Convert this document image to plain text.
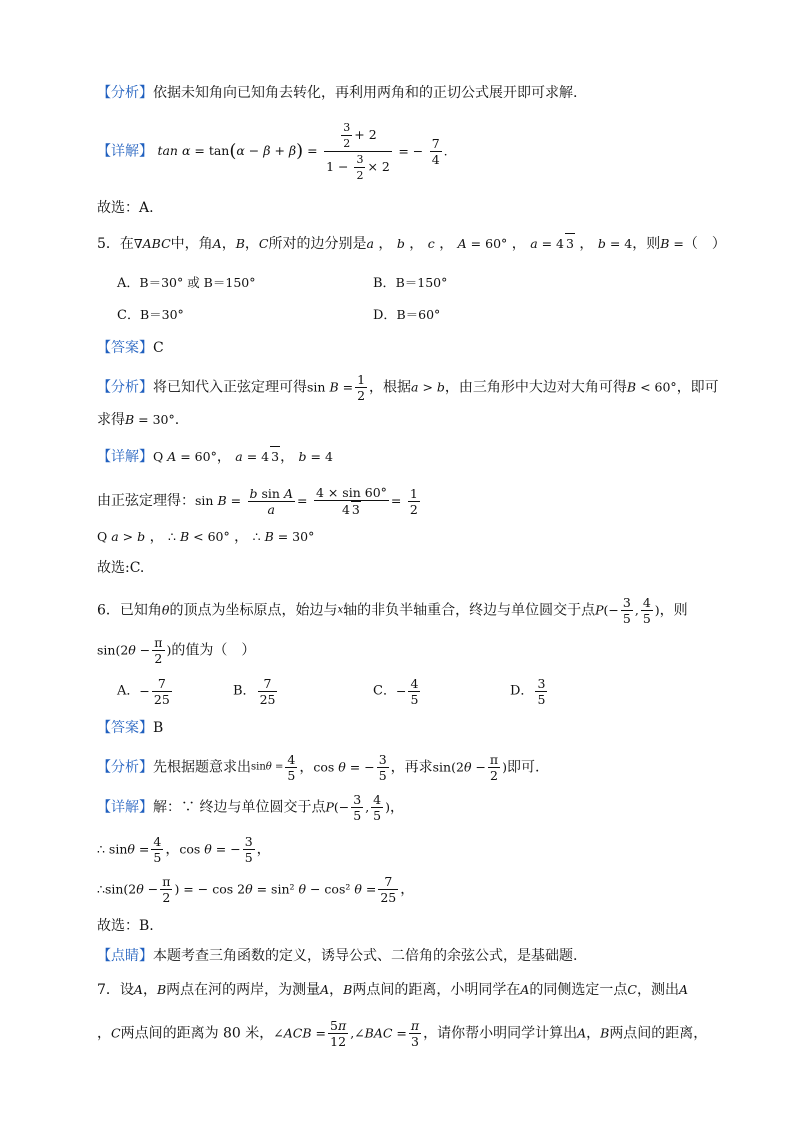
【分析】依据未知角向已知角去转化，再利用两角和的正切公式展开即可求解.
【详解】 $\tan \alpha = \tan(\alpha - \beta + \beta) = \frac{\frac{3}{2} + 2}{1 - \frac{3}{2} \times 2}$ = − $\frac{7}{4}$ .
故选：A.
5．在∇ABC中，角A，B，C所对的边分别是a ， b ， c ， A = 60° ， a = 4 3 ， b = 4，则B =（　）
A．B＝30° 或 B＝150°	B．B＝150°
C．B＝30°	D．B＝60°
【答案】C
【分析】将已知代入正弦定理可得$\sin B = \frac{1}{2}$ ，根据a > b，由三角形中大边对大角可得B < 60°，即可
求得B = 30°.
【详解】Q A = 60°， a = 4 3， b = 4
由正弦定理得：$\sin B = \frac{\text{b sin A}}{a} = \frac{4 \times \sin 60^\circ}{4 3} = \frac{1}{2}$
Q a > b ， ∴ B < 60° ， ∴ B = 30°
故选:C.
6．已知角θ的顶点为坐标原点，始边与x轴的非负半轴重合，终边与单位圆交于点$P(- \frac{3}{5}$ , $\frac{4}{5}$ )，则
$\sin(2\theta - \frac{\pi}{2}$ )的值为（　）
A．− $\frac{7}{25}$	B． $\frac{7}{25}$	C．− $\frac{4}{5}$	D． $\frac{3}{5}$
【答案】B
【分析】先根据题意求出$\sin\theta = \frac{4}{5}$ ，cos θ = − $\frac{3}{5}$ ，再求$\sin(2\theta - \frac{\pi}{2}$ )即可.
【详解】解：∵ 终边与单位圆交于点$P(- \frac{3}{5}$ , $\frac{4}{5}$ )，
∴ $\sin\theta = \frac{4}{5}$ ，cos θ = − $\frac{3}{5}$ ，
∴sin(2θ − $\frac{\pi}{2}$ ) = − cos 2θ = sin² θ − cos² $\theta = \frac{7}{25}$ ，
故选：B.
【点睛】本题考查三角函数的定义，诱导公式、二倍角的余弦公式，是基础题.
7．设A，B两点在河的两岸，为测量A，B两点间的距离，小明同学在A的同侧选定一点C，测出A
，C两点间的距离为 80 米，∠ACB = $\frac{5\pi}{12}$ ,∠BAC = $\frac{\pi}{3}$ ，请你帮小明同学计算出A，B两点间的距离，
